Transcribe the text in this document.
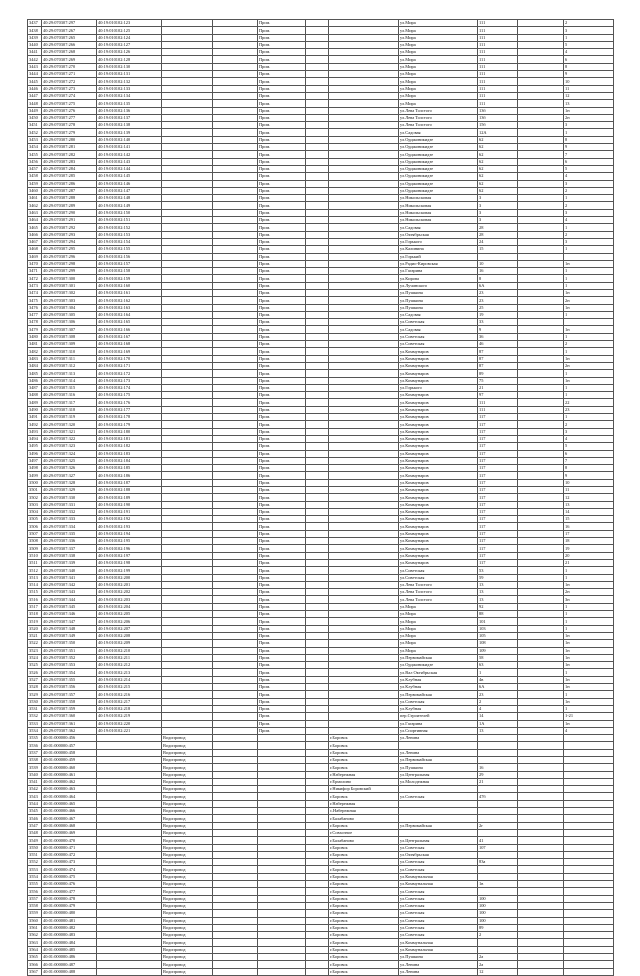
3437	40:29:070307:297	40:19:010102:123			Пром.			ул.Мира	111		2
3438	40:29:070307:267	40:19:010102:125			Пром.			ул.Мира	111		3
3439	40:29:070307:265	40:19:010102:124			Пром.			ул.Мира	111		1
3440	40:29:070307:266	40:19:010102:127			Пром.			ул.Мира	111		5
3441	40:29:070307:268	40:19:010102:126			Пром.			ул.Мира	111		4
3442	40:29:070307:269	40:19:010102:128			Пром.			ул.Мира	111		6
3443	40:29:070307:270	40:19:010102:130			Пром.			ул.Мира	111		8
3444	40:29:070307:271	40:19:010102:131			Пром.			ул.Мира	111		9
3445	40:29:070307:272	40:19:010102:132			Пром.			ул.Мира	111		10
3446	40:29:070307:273	40:19:010102:133			Пром.			ул.Мира	111		11
3447	40:29:070307:274	40:19:010102:134			Пром.			ул.Мира	111		12
3448	40:29:070307:275	40:19:010102:135			Пром.			ул.Мира	111		13
3449	40:29:070307:276	40:19:010102:136			Пром.			ул.Лева Толстого	13б		1н
3450	40:29:070307:277	40:19:010102:137			Пром.			ул.Лева Толстого	13б		2н
3451	40:29:070307:278	40:19:010102:138			Пром.			ул.Лева Толстого	15б		3
3452	40:29:070307:279	40:19:010102:139			Пром.			ул.Садовая	12А		1
3453	40:29:070307:280	40:19:010102:140			Пром.			ул.Орджоникидзе	62		8
3454	40:29:070307:281	40:19:010102:141			Пром.			ул.Орджоникидзе	62		9
3455	40:29:070307:282	40:19:010102:142			Пром.			ул.Орджоникидзе	62		7
3456	40:29:070307:283	40:19:010102:143			Пром.			ул.Орджоникидзе	62		6
3457	40:29:070307:284	40:19:010102:144			Пром.			ул.Орджоникидзе	62		5
3458	40:29:070307:285	40:19:010102:145			Пром.			ул.Орджоникидзе	62		4
3459	40:29:070307:286	40:19:010102:146			Пром.			ул.Орджоникидзе	62		3
3460	40:29:070307:287	40:19:010102:147			Пром.			ул.Орджоникидзе	62		2
3461	40:29:070307:288	40:19:010102:148			Пром.			ул.Никольсковая	3		1
3462	40:29:070307:289	40:19:010102:149			Пром.			ул.Никольсковая	3		2
3463	40:29:070307:290	40:19:010102:150			Пром.			ул.Никольсковая	3		3
3464	40:29:070307:291	40:19:010102:151			Пром.			ул.Никольсковая	3		4
3465	40:29:070307:292	40:19:010102:152			Пром.			ул.Садовая	28		1
3466	40:29:070307:293	40:19:010102:153			Пром.			ул.Октябрьская	28		2
3467	40:29:070307:294	40:19:010102:154			Пром.			ул.Горького	24		3
3468	40:29:070307:295	40:19:010102:155			Пром.			ул.Калинина	15		1
3469	40:29:070307:296	40:19:010102:156			Пром.			ул.Горький			
3470	40:29:070307:298	40:19:010102:157			Пром.			ул.Радио-Кировская	10		1н
3471	40:29:070307:299	40:19:010102:158			Пром.			ул.Гагарина	16		1
3472	40:29:070307:300	40:19:010102:159			Пром.			ул.Кирова	8		1
3473	40:29:070307:301	40:19:010102:160			Пром.			ул.Лучинского	6А		1
3474	40:29:070307:302	40:19:010102:161			Пром.			ул.Пушкина	23		1н
3475	40:29:070307:303	40:19:010102:162			Пром.			ул.Пушкина	23		2н
3476	40:29:070307:304	40:19:010102:163			Пром.			ул.Пушкина	25		1н
3477	40:29:070307:305	40:19:010102:164			Пром.			ул.Садовая	19		1
3478	40:29:070307:306	40:19:010102:165			Пром.			ул.Советская	33		
3479	40:29:070307:307	40:19:010102:166			Пром.			ул.Садовая	9		1н
3480	40:29:070307:308	40:19:010102:167			Пром.			ул.Советская	36		1
3481	40:29:070307:309	40:19:010102:168			Пром.			ул.Советская	46		2
3482	40:29:070307:310	40:19:010102:169			Пром.			ул.Коммунаров	87		1
3483	40:29:070307:311	40:19:010102:170			Пром.			ул.Коммунаров	87		1н
3484	40:29:070307:312	40:19:010102:171			Пром.			ул.Коммунаров	87		2н
3485	40:29:070307:313	40:19:010102:172			Пром.			ул.Коммунаров	89		1
3486	40:29:070307:314	40:19:010102:173			Пром.			ул.Коммунаров	75		1н
3487	40:29:070307:315	40:19:010102:174			Пром.			ул.Горького	21		1
3488	40:29:070307:316	40:19:010102:175			Пром.			ул.Коммунаров	97		1
3489	40:29:070307:317	40:19:010102:176			Пром.			ул.Коммунаров	111		22
3490	40:29:070307:318	40:19:010102:177			Пром.			ул.Коммунаров	111		23
3491	40:29:070307:319	40:19:010102:178			Пром.			ул.Коммунаров	117		1
3492	40:29:070307:320	40:19:010102:179			Пром.			ул.Коммунаров	117		2
3493	40:29:070307:321	40:19:010102:180			Пром.			ул.Коммунаров	117		3
3494	40:29:070307:322	40:19:010102:181			Пром.			ул.Коммунаров	117		4
3495	40:29:070307:323	40:19:010102:182			Пром.			ул.Коммунаров	117		5
3496	40:29:070307:324	40:19:010102:183			Пром.			ул.Коммунаров	117		6
3497	40:29:070307:325	40:19:010102:184			Пром.			ул.Коммунаров	117		7
3498	40:29:070307:326	40:19:010102:185			Пром.			ул.Коммунаров	117		8
3499	40:29:070307:327	40:19:010102:186			Пром.			ул.Коммунаров	117		9
3500	40:29:070307:328	40:19:010102:187			Пром.			ул.Коммунаров	117		10
3501	40:29:070307:329	40:19:010102:188			Пром.			ул.Коммунаров	117		11
3502	40:29:070307:330	40:19:010102:189			Пром.			ул.Коммунаров	117		12
3503	40:29:070307:331	40:19:010102:190			Пром.			ул.Коммунаров	117		13
3504	40:29:070307:332	40:19:010102:191			Пром.			ул.Коммунаров	117		14
3505	40:29:070307:333	40:19:010102:192			Пром.			ул.Коммунаров	117		15
3506	40:29:070307:334	40:19:010102:193			Пром.			ул.Коммунаров	117		16
3507	40:29:070307:335	40:19:010102:194			Пром.			ул.Коммунаров	117		17
3508	40:29:070307:336	40:19:010102:195			Пром.			ул.Коммунаров	117		18
3509	40:29:070307:337	40:19:010102:196			Пром.			ул.Коммунаров	117		19
3510	40:29:070307:338	40:19:010102:197			Пром.			ул.Коммунаров	117		20
3511	40:29:070307:339	40:19:010102:198			Пром.			ул.Коммунаров	117		21
3512	40:29:070307:340	40:19:010102:199			Пром.			ул.Советская	53		1
3513	40:29:070307:341	40:19:010102:200			Пром.			ул.Советская	59		1
3514	40:29:070307:342	40:19:010102:201			Пром.			ул.Лева Толстого	13		1н
3515	40:29:070307:343	40:19:010102:202			Пром.			ул.Лева Толстого	13		2н
3516	40:29:070307:344	40:19:010102:203			Пром.			ул.Лева Толстого	13		3н
3517	40:29:070307:345	40:19:010102:204			Пром.			ул.Мира	92		1
3518	40:29:070307:346	40:19:010102:205			Пром.			ул.Мира	88		1
3519	40:29:070307:347	40:19:010102:206			Пром.			ул.Мира	101		1
3520	40:29:070307:348	40:19:010102:207			Пром.			ул.Мира	103		1
3521	40:29:070307:349	40:19:010102:208			Пром.			ул.Мира	105		1н
3522	40:29:070307:350	40:19:010102:209			Пром.			ул.Мира	108		1н
3523	40:29:070307:351	40:19:010102:210			Пром.			ул.Мира	109		1н
3524	40:29:070307:352	40:19:010102:211			Пром.			ул.Первомайская	58		1н
3525	40:29:070307:353	40:19:010102:212			Пром.			ул.Орджоникидзе	63		1н
3526	40:29:070307:354	40:19:010102:213			Пром.			ул.Вал Октябрьская	1		1
3527	40:29:070307:355	40:19:010102:214			Пром.			ул.Клубная	4в		1н
3528	40:29:070307:356	40:19:010102:215			Пром.			ул.Клубная	6А		1н
3529	40:29:070307:357	40:19:010102:216			Пром.			ул.Первомайская	23		1
3530	40:29:070307:358	40:19:010102:217			Пром.			ул.Советская	2		1н
3531	40:29:070307:359	40:19:010102:218			Пром.			ул.Клубная	4		1
3532	40:29:070307:360	40:19:010102:219			Пром.			пер.Строителей	14		1-21
3533	40:29:070307:361	40:19:010102:220			Пром.			ул.Гагарина	1А		1н
3534	40:29:070307:362	40:19:010102:221			Пром.			ул.Спортивная	13		4
3535	40:01:000000:456		Водопровод				г.Боровск	ул.Ленина			
3536	40:01:000000:457		Водопровод				г.Боровск				
3537	40:01:000000:458		Водопровод				г.Боровск	ул.Ленина			
3538	40:01:000000:459		Водопровод				г.Боровск	ул.Первомайская			
3539	40:01:000000:460		Водопровод				г.Боровск	ул.Пушкина	16		
3540	40:01:000000:461		Водопровод				г.Набережная	ул.Центральная	29		
3541	40:01:000000:462		Водопровод				г.Ермолино	ул.Молодежная	21		
3542	40:01:000000:463		Водопровод				г.Никифор Боровский				
3543	40:01:000000:464		Водопровод				г.Боровск	ул.Советская	47б		
3544	40:01:000000:465		Водопровод				г.Набережная				
3545	40:01:000000:466		Водопровод				с.Набережная				
3546	40:01:000000:467		Водопровод				г.Балабаново				
3547	40:01:000000:468		Водопровод				г.Боровск	ул.Первомайская	2г		
3548	40:01:000000:469		Водопровод				г.Совхозное				
3549	40:01:000000:470		Водопровод				г.Балабаново	ул.Центральная	41		
3550	40:01:000000:471		Водопровод				г.Боровск	ул.Советская	107		
3551	40:01:000000:472		Водопровод				г.Боровск	ул.Октябрьская			
3552	40:01:000000:473		Водопровод				г.Боровск	ул.Советская	83а		
3553	40:01:000000:474		Водопровод				г.Боровск	ул.Советская			
3554	40:01:000000:475		Водопровод				г.Боровск	ул.Коммунальная			
3555	40:01:000000:476		Водопровод				г.Боровск	ул.Коммунальная	1в		
3556	40:01:000000:477		Водопровод				г.Боровск	ул.Советская			
3557	40:01:000000:478		Водопровод				г.Боровск	ул.Советская	100		
3558	40:01:000000:479		Водопровод				г.Боровск	ул.Советская	100		
3559	40:01:000000:480		Водопровод				г.Боровск	ул.Советская	100		
3560	40:01:000000:481		Водопровод				г.Боровск	ул.Советская	100		
3561	40:01:000000:482		Водопровод				г.Боровск	ул.Советская	89		
3562	40:01:000000:483		Водопровод				г.Боровск	ул.Советская	2		
3563	40:01:000000:484		Водопровод				г.Боровск	ул.Коммунальная			
3564	40:01:000000:485		Водопровод				г.Боровск	ул.Коммунальная			
3565	40:01:000000:486		Водопровод				г.Боровск	ул.Пушкина	2а		
3566	40:01:000000:487		Водопровод				г.Боровск	ул.Ленина	2а		
3567	40:01:000000:488		Водопровод				г.Боровск	ул.Ленина	12		
